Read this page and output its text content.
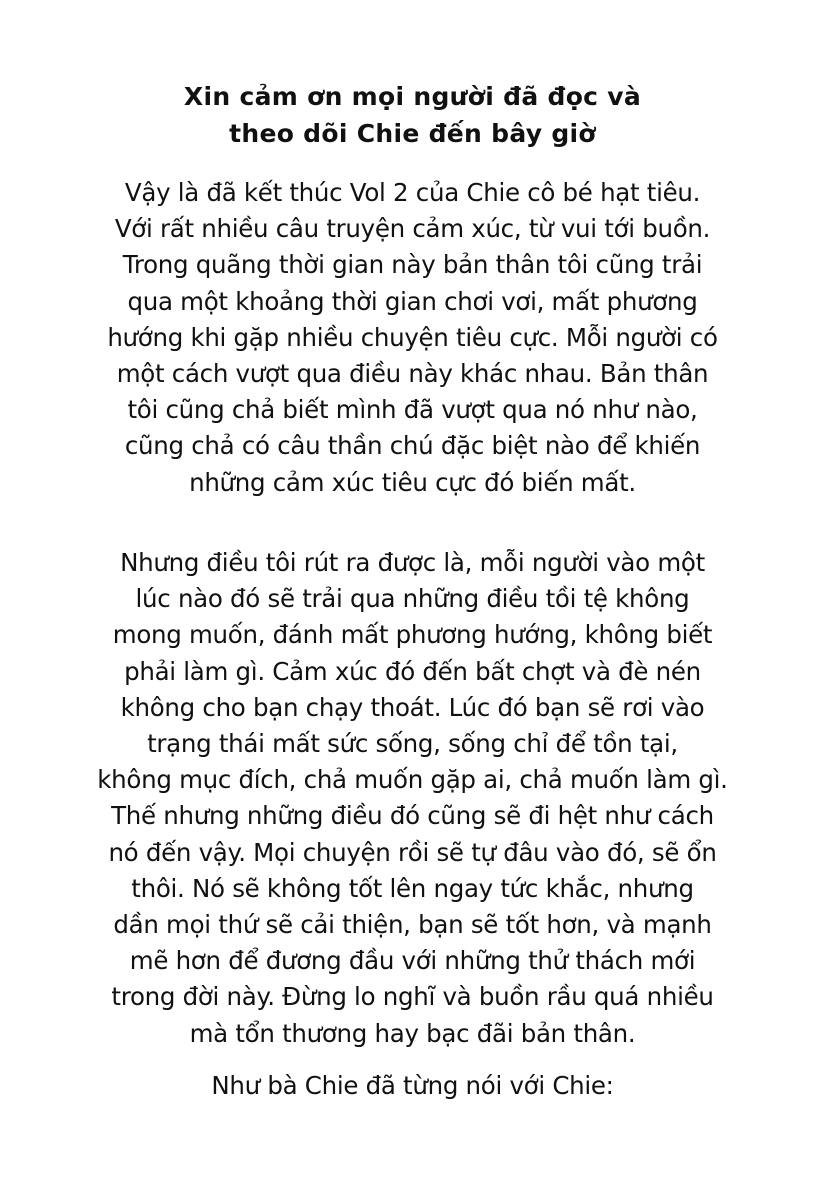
Xin cảm ơn mọi người đã đọc và
theo dõi Chie đến bây giờ
Vậy là đã kết thúc Vol 2 của Chie cô bé hạt tiêu.
Với rất nhiều câu truyện cảm xúc, từ vui tới buồn.
Trong quãng thời gian này bản thân tôi cũng trải
qua một khoảng thời gian chơi vơi, mất phương
hướng khi gặp nhiều chuyện tiêu cực. Mỗi người có
một cách vượt qua điều này khác nhau. Bản thân
tôi cũng chả biết mình đã vượt qua nó như nào,
cũng chả có câu thần chú đặc biệt nào để khiến
những cảm xúc tiêu cực đó biến mất.
Nhưng điều tôi rút ra được là, mỗi người vào một
lúc nào đó sẽ trải qua những điều tồi tệ không
mong muốn, đánh mất phương hướng, không biết
phải làm gì. Cảm xúc đó đến bất chợt và đè nén
không cho bạn chạy thoát. Lúc đó bạn sẽ rơi vào
trạng thái mất sức sống, sống chỉ để tồn tại,
không mục đích, chả muốn gặp ai, chả muốn làm gì.
Thế nhưng những điều đó cũng sẽ đi hệt như cách
nó đến vậy. Mọi chuyện rồi sẽ tự đâu vào đó, sẽ ổn
thôi. Nó sẽ không tốt lên ngay tức khắc, nhưng
dần mọi thứ sẽ cải thiện, bạn sẽ tốt hơn, và mạnh
mẽ hơn để đương đầu với những thử thách mới
trong đời này. Đừng lo nghĩ và buồn rầu quá nhiều
mà tổn thương hay bạc đãi bản thân.
Như bà Chie đã từng nói với Chie:
